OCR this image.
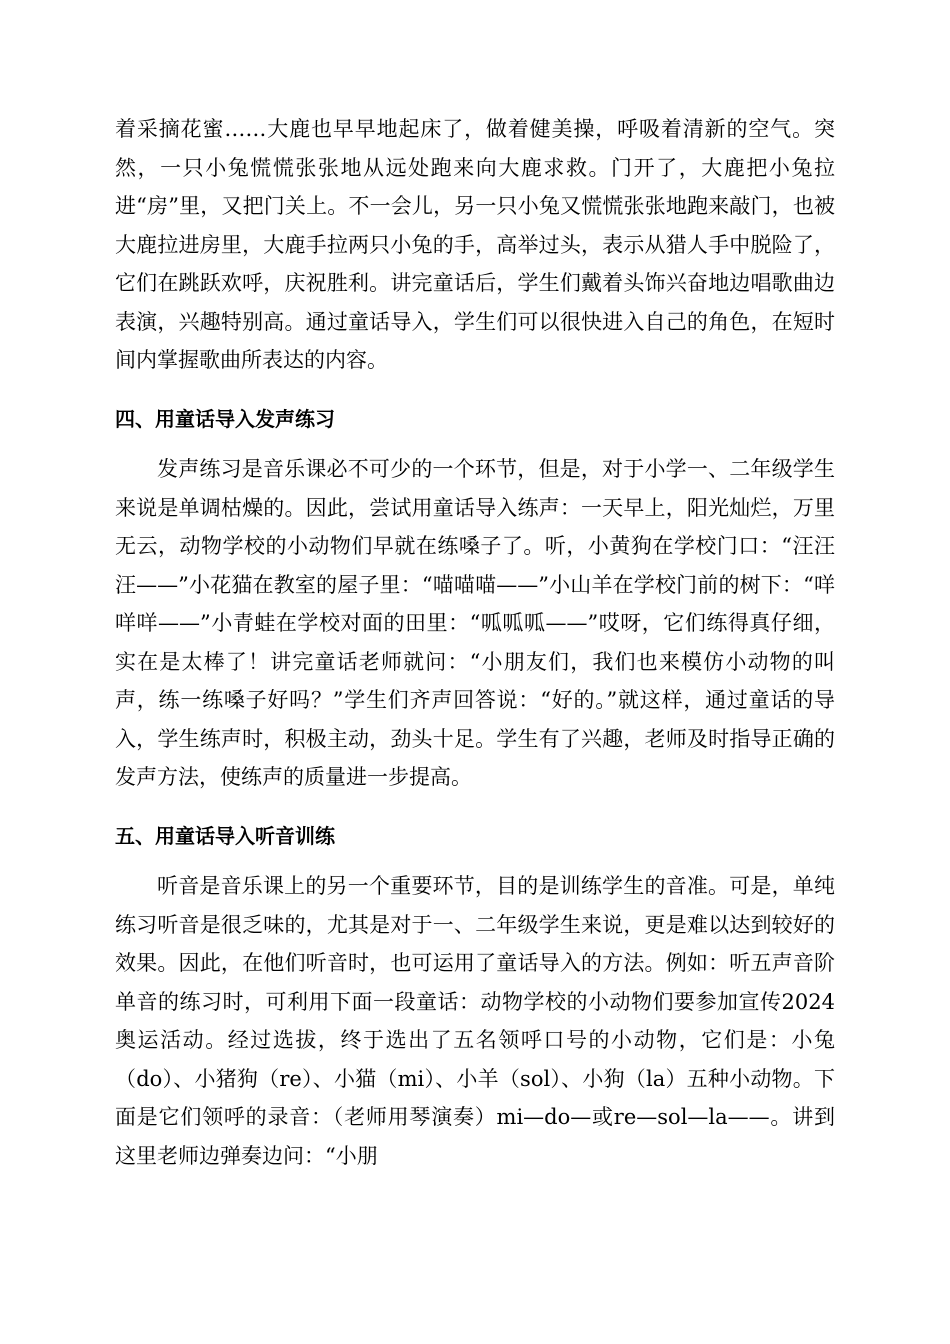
着采摘花蜜……大鹿也早早地起床了，做着健美操，呼吸着清新的空气。突然，一只小兔慌慌张张地从远处跑来向大鹿求救。门开了，大鹿把小兔拉进“房”里，又把门关上。不一会儿，另一只小兔又慌慌张张地跑来敲门，也被大鹿拉进房里，大鹿手拉两只小兔的手，高举过头，表示从猎人手中脱险了，它们在跳跃欢呼，庆祝胜利。讲完童话后，学生们戴着头饰兴奋地边唱歌曲边表演，兴趣特别高。通过童话导入，学生们可以很快进入自己的角色，在短时间内掌握歌曲所表达的内容。

四、用童话导入发声练习

发声练习是音乐课必不可少的一个环节，但是，对于小学一、二年级学生来说是单调枯燥的。因此，尝试用童话导入练声：一天早上，阳光灿烂，万里无云，动物学校的小动物们早就在练嗓子了。听，小黄狗在学校门口：“汪汪汪——”小花猫在教室的屋子里：“喵喵喵——”小山羊在学校门前的树下：“咩咩咩——”小青蛙在学校对面的田里：“呱呱呱——”哎呀，它们练得真仔细，实在是太棒了！讲完童话老师就问：“小朋友们，我们也来模仿小动物的叫声，练一练嗓子好吗？”学生们齐声回答说：“好的。”就这样，通过童话的导入，学生练声时，积极主动，劲头十足。学生有了兴趣，老师及时指导正确的发声方法，使练声的质量进一步提高。

五、用童话导入听音训练

听音是音乐课上的另一个重要环节，目的是训练学生的音准。可是，单纯练习听音是很乏味的，尤其是对于一、二年级学生来说，更是难以达到较好的效果。因此，在他们听音时，也可运用了童话导入的方法。例如：听五声音阶单音的练习时，可利用下面一段童话：动物学校的小动物们要参加宣传2024奥运活动。经过选拔，终于选出了五名领呼口号的小动物，它们是：小兔（do）、小猪狗（re）、小猫（mi）、小羊（sol）、小狗（la）五种小动物。下面是它们领呼的录音：（老师用琴演奏）mi—do—或re—sol—la——。讲到这里老师边弹奏边问：“小朋
